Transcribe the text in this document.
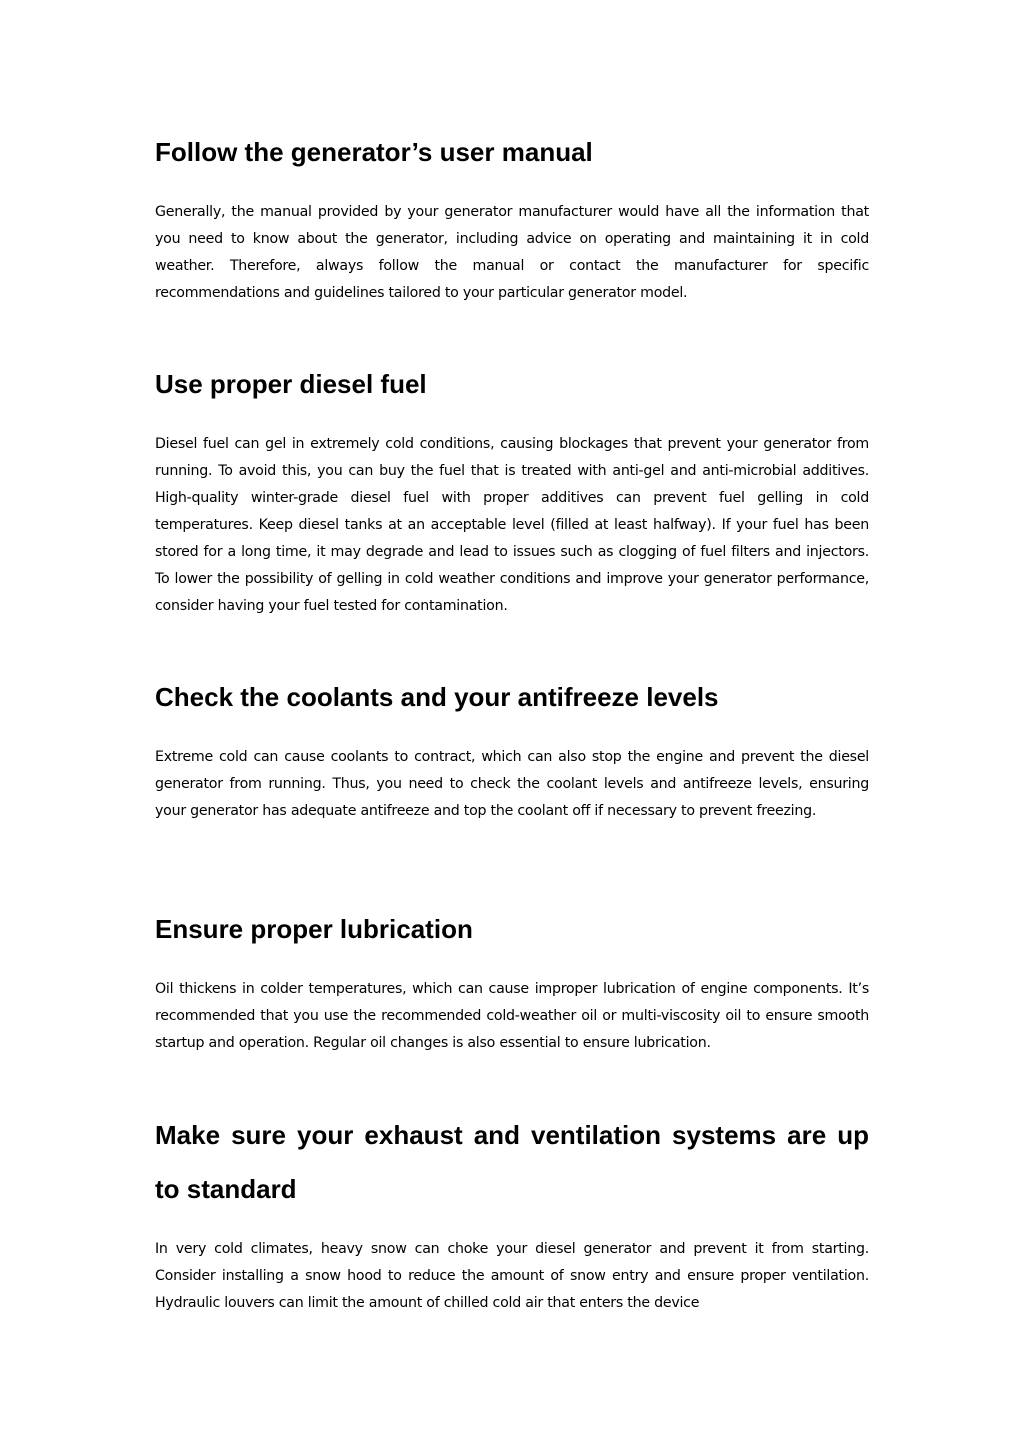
Follow the generator’s user manual

Generally, the manual provided by your generator manufacturer would have all the information that you need to know about the generator, including advice on operating and maintaining it in cold weather. Therefore, always follow the manual or contact the manufacturer for specific recommendations and guidelines tailored to your particular generator model.

Use proper diesel fuel

Diesel fuel can gel in extremely cold conditions, causing blockages that prevent your generator from running. To avoid this, you can buy the fuel that is treated with anti-gel and anti-microbial additives. High-quality winter-grade diesel fuel with proper additives can prevent fuel gelling in cold temperatures. Keep diesel tanks at an acceptable level (filled at least halfway). If your fuel has been stored for a long time, it may degrade and lead to issues such as clogging of fuel filters and injectors. To lower the possibility of gelling in cold weather conditions and improve your generator performance, consider having your fuel tested for contamination.

Check the coolants and your antifreeze levels

Extreme cold can cause coolants to contract, which can also stop the engine and prevent the diesel generator from running. Thus, you need to check the coolant levels and antifreeze levels, ensuring your generator has adequate antifreeze and top the coolant off if necessary to prevent freezing.

Ensure proper lubrication

Oil thickens in colder temperatures, which can cause improper lubrication of engine components. It’s recommended that you use the recommended cold-weather oil or multi-viscosity oil to ensure smooth startup and operation. Regular oil changes is also essential to ensure lubrication.

Make sure your exhaust and ventilation systems are up to standard

In very cold climates, heavy snow can choke your diesel generator and prevent it from starting. Consider installing a snow hood to reduce the amount of snow entry and ensure proper ventilation. Hydraulic louvers can limit the amount of chilled cold air that enters the device
